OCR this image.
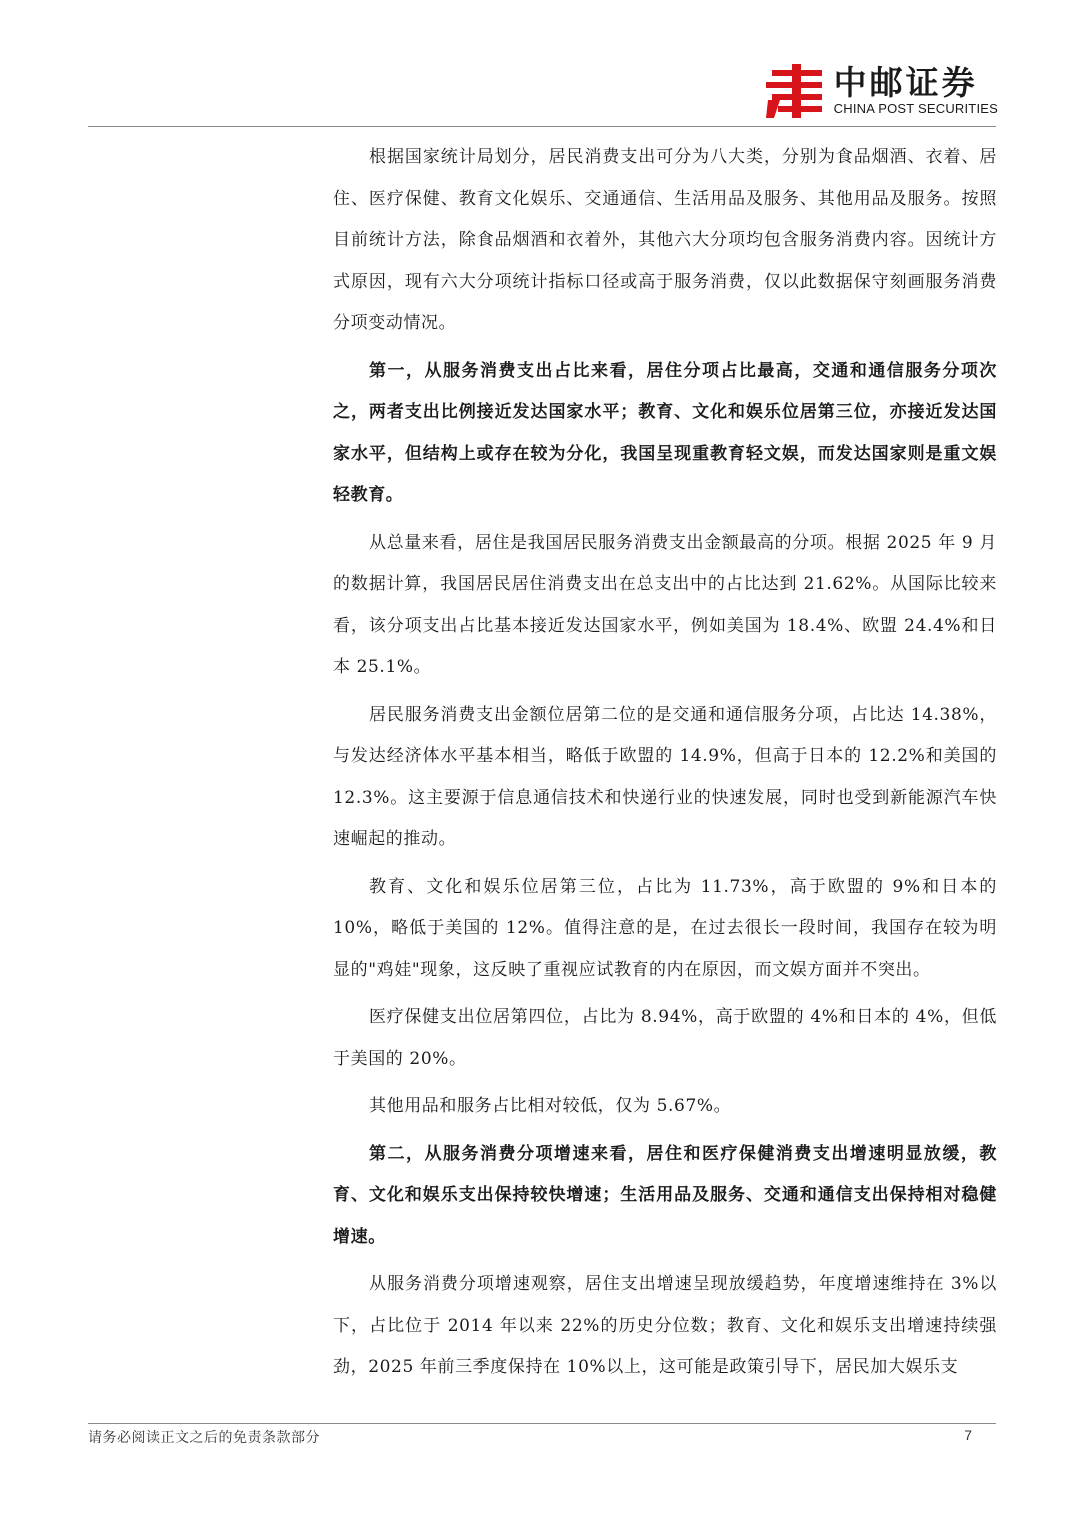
中邮证券
CHINA POST SECURITIES

根据国家统计局划分，居民消费支出可分为八大类，分别为食品烟酒、衣着、居住、医疗保健、教育文化娱乐、交通通信、生活用品及服务、其他用品及服务。按照目前统计方法，除食品烟酒和衣着外，其他六大分项均包含服务消费内容。因统计方式原因，现有六大分项统计指标口径或高于服务消费，仅以此数据保守刻画服务消费分项变动情况。

第一，从服务消费支出占比来看，居住分项占比最高，交通和通信服务分项次之，两者支出比例接近发达国家水平；教育、文化和娱乐位居第三位，亦接近发达国家水平，但结构上或存在较为分化，我国呈现重教育轻文娱，而发达国家则是重文娱轻教育。

从总量来看，居住是我国居民服务消费支出金额最高的分项。根据 2025 年 9 月的数据计算，我国居民居住消费支出在总支出中的占比达到 21.62%。从国际比较来看，该分项支出占比基本接近发达国家水平，例如美国为 18.4%、欧盟 24.4%和日本 25.1%。

居民服务消费支出金额位居第二位的是交通和通信服务分项，占比达 14.38%，与发达经济体水平基本相当，略低于欧盟的 14.9%，但高于日本的 12.2%和美国的 12.3%。这主要源于信息通信技术和快递行业的快速发展，同时也受到新能源汽车快速崛起的推动。

教育、文化和娱乐位居第三位，占比为 11.73%，高于欧盟的 9%和日本的 10%，略低于美国的 12%。值得注意的是，在过去很长一段时间，我国存在较为明显的"鸡娃"现象，这反映了重视应试教育的内在原因，而文娱方面并不突出。

医疗保健支出位居第四位，占比为 8.94%，高于欧盟的 4%和日本的 4%，但低于美国的 20%。

其他用品和服务占比相对较低，仅为 5.67%。

第二，从服务消费分项增速来看，居住和医疗保健消费支出增速明显放缓，教育、文化和娱乐支出保持较快增速；生活用品及服务、交通和通信支出保持相对稳健增速。

从服务消费分项增速观察，居住支出增速呈现放缓趋势，年度增速维持在 3%以下，占比位于 2014 年以来 22%的历史分位数；教育、文化和娱乐支出增速持续强劲，2025 年前三季度保持在 10%以上，这可能是政策引导下，居民加大娱乐支

请务必阅读正文之后的免责条款部分	7
